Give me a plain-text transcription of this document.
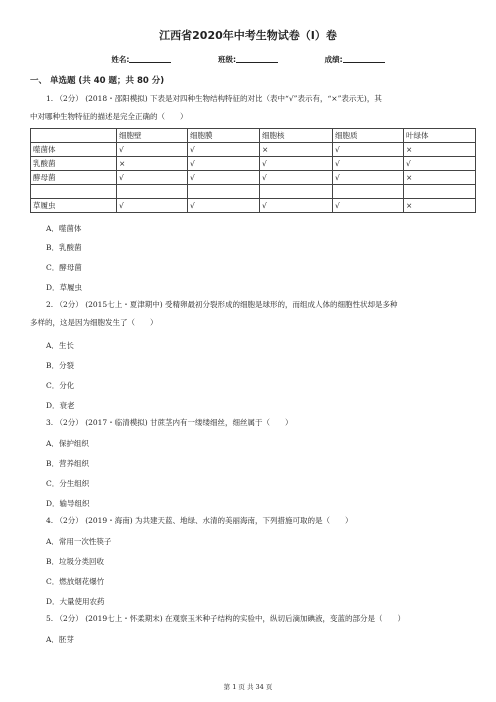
江西省2020年中考生物试卷（I）卷
姓名:	班级:	成绩:
一、 单选题 (共 40 题；共 80 分)
1. （2分） (2018・邵阳模拟) 下表是对四种生物结构特征的对比（表中“√”表示有，“×”表示无)，其
中对哪种生物特征的描述是完全正确的（　　）
	细胞壁	细胞膜	细胞核	细胞质	叶绿体
噬菌体	√	√	×	√	×
乳酸菌	×	√	√	√	√
酵母菌	√	√	√	√	×

草履虫	√	√	√	√	×
A．噬菌体
B．乳酸菌
C．酵母菌
D．草履虫
2. （2分） (2015七上・夏津期中) 受精卵最初分裂形成的细胞是球形的，而组成人体的细胞性状却是多种
多样的，这是因为细胞发生了（　　）
A．生长
B．分裂
C．分化
D．衰老
3. （2分） (2017・临清模拟) 甘蔗茎内有一缕缕细丝，细丝属于（　　）
A．保护组织
B．营养组织
C．分生组织
D．输导组织
4. （2分） (2019・海南) 为共建天蓝、地绿、水清的美丽海南，下列措施可取的是（　　）
A．常用一次性筷子
B．垃圾分类回收
C．燃放烟花爆竹
D．大量使用农药
5. （2分） (2019七上・怀柔期末) 在观察玉米种子结构的实验中，纵切后滴加碘液，变蓝的部分是（　　）
A．胚芽
第 1 页 共 34 页
